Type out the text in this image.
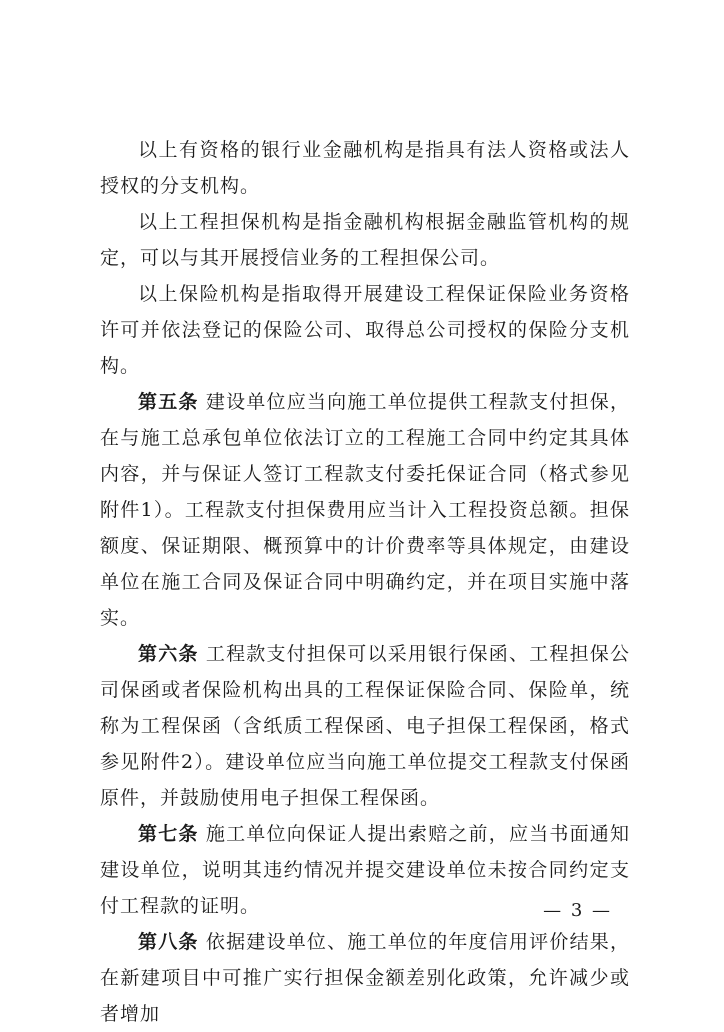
以上有资格的银行业金融机构是指具有法人资格或法人授权的分支机构。

以上工程担保机构是指金融机构根据金融监管机构的规定，可以与其开展授信业务的工程担保公司。

以上保险机构是指取得开展建设工程保证保险业务资格许可并依法登记的保险公司、取得总公司授权的保险分支机构。

第五条 建设单位应当向施工单位提供工程款支付担保，在与施工总承包单位依法订立的工程施工合同中约定其具体内容，并与保证人签订工程款支付委托保证合同（格式参见附件1）。工程款支付担保费用应当计入工程投资总额。担保额度、保证期限、概预算中的计价费率等具体规定，由建设单位在施工合同及保证合同中明确约定，并在项目实施中落实。

第六条 工程款支付担保可以采用银行保函、工程担保公司保函或者保险机构出具的工程保证保险合同、保险单，统称为工程保函（含纸质工程保函、电子担保工程保函，格式参见附件2）。建设单位应当向施工单位提交工程款支付保函原件，并鼓励使用电子担保工程保函。

第七条 施工单位向保证人提出索赔之前，应当书面通知建设单位，说明其违约情况并提交建设单位未按合同约定支付工程款的证明。

第八条 依据建设单位、施工单位的年度信用评价结果，在新建项目中可推广实行担保金额差别化政策，允许减少或者增加

— 3 —
